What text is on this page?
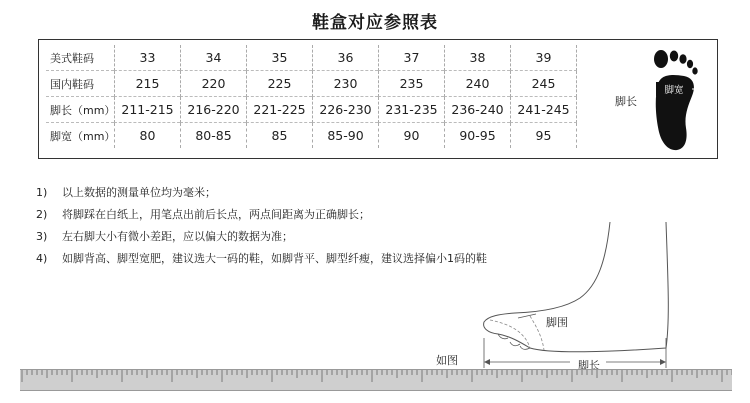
鞋盒对应参照表
美式鞋码	33	34	35	36	37	38	39
国内鞋码	215	220	225	230	235	240	245
脚长（mm）	211-215	216-220	221-225	226-230	231-235	236-240	241-245
脚宽（mm）	80	80-85	85	85-90	90	90-95	95
脚长
脚宽
1) 以上数据的测量单位均为毫米；
2) 将脚踩在白纸上，用笔点出前后长点，两点间距离为正确脚长；
3) 左右脚大小有微小差距，应以偏大的数据为准；
4) 如脚背高、脚型宽肥，建议选大一码的鞋，如脚背平、脚型纤瘦，建议选择偏小1码的鞋
脚围
脚长
如图
